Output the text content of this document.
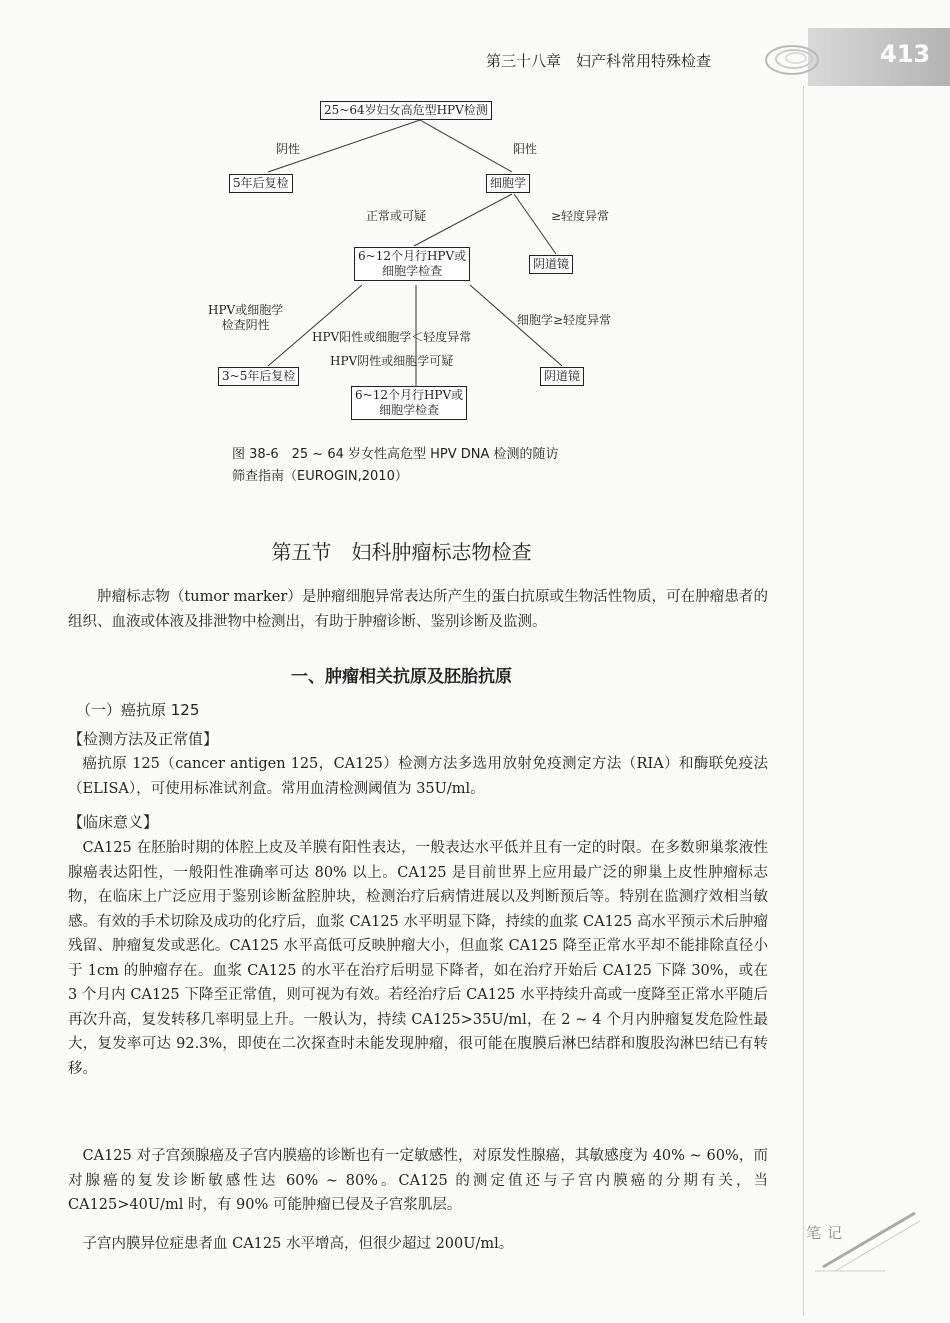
413
第三十八章　妇产科常用特殊检查
25~64岁妇女高危型HPV检测
阴性	阳性
5年后复检	细胞学
正常或可疑	≥轻度异常
6~12个月行HPV或
细胞学检查	阴道镜
HPV或细胞学
检查阴性	细胞学≥轻度异常
HPV阳性或细胞学＜轻度异常
HPV阴性或细胞学可疑
3~5年后复检	阴道镜
6~12个月行HPV或
细胞学检查
图 38-6　25 ~ 64 岁女性高危型 HPV DNA 检测的随访
筛查指南（EUROGIN,2010）
第五节　妇科肿瘤标志物检查
肿瘤标志物（tumor marker）是肿瘤细胞异常表达所产生的蛋白抗原或生物活性物质，可在肿瘤患者的组织、血液或体液及排泄物中检测出，有助于肿瘤诊断、鉴别诊断及监测。
一、肿瘤相关抗原及胚胎抗原
（一）癌抗原 125
【检测方法及正常值】
癌抗原 125（cancer antigen 125，CA125）检测方法多选用放射免疫测定方法（RIA）和酶联免疫法（ELISA），可使用标准试剂盒。常用血清检测阈值为 35U/ml。
【临床意义】
CA125 在胚胎时期的体腔上皮及羊膜有阳性表达，一般表达水平低并且有一定的时限。在多数卵巢浆液性腺癌表达阳性，一般阳性准确率可达 80% 以上。CA125 是目前世界上应用最广泛的卵巢上皮性肿瘤标志物，在临床上广泛应用于鉴别诊断盆腔肿块，检测治疗后病情进展以及判断预后等。特别在监测疗效相当敏感。有效的手术切除及成功的化疗后，血浆 CA125 水平明显下降，持续的血浆 CA125 高水平预示术后肿瘤残留、肿瘤复发或恶化。CA125 水平高低可反映肿瘤大小，但血浆 CA125 降至正常水平却不能排除直径小于 1cm 的肿瘤存在。血浆 CA125 的水平在治疗后明显下降者，如在治疗开始后 CA125 下降 30%，或在 3 个月内 CA125 下降至正常值，则可视为有效。若经治疗后 CA125 水平持续升高或一度降至正常水平随后再次升高，复发转移几率明显上升。一般认为，持续 CA125>35U/ml，在 2 ~ 4 个月内肿瘤复发危险性最大，复发率可达 92.3%，即使在二次探查时未能发现肿瘤，很可能在腹膜后淋巴结群和腹股沟淋巴结已有转移。
CA125 对子宫颈腺癌及子宫内膜癌的诊断也有一定敏感性，对原发性腺癌，其敏感度为 40% ~ 60%，而对腺癌的复发诊断敏感性达 60% ~ 80%。CA125 的测定值还与子宫内膜癌的分期有关，当 CA125>40U/ml 时，有 90% 可能肿瘤已侵及子宫浆肌层。
子宫内膜异位症患者血 CA125 水平增高，但很少超过 200U/ml。
笔记
